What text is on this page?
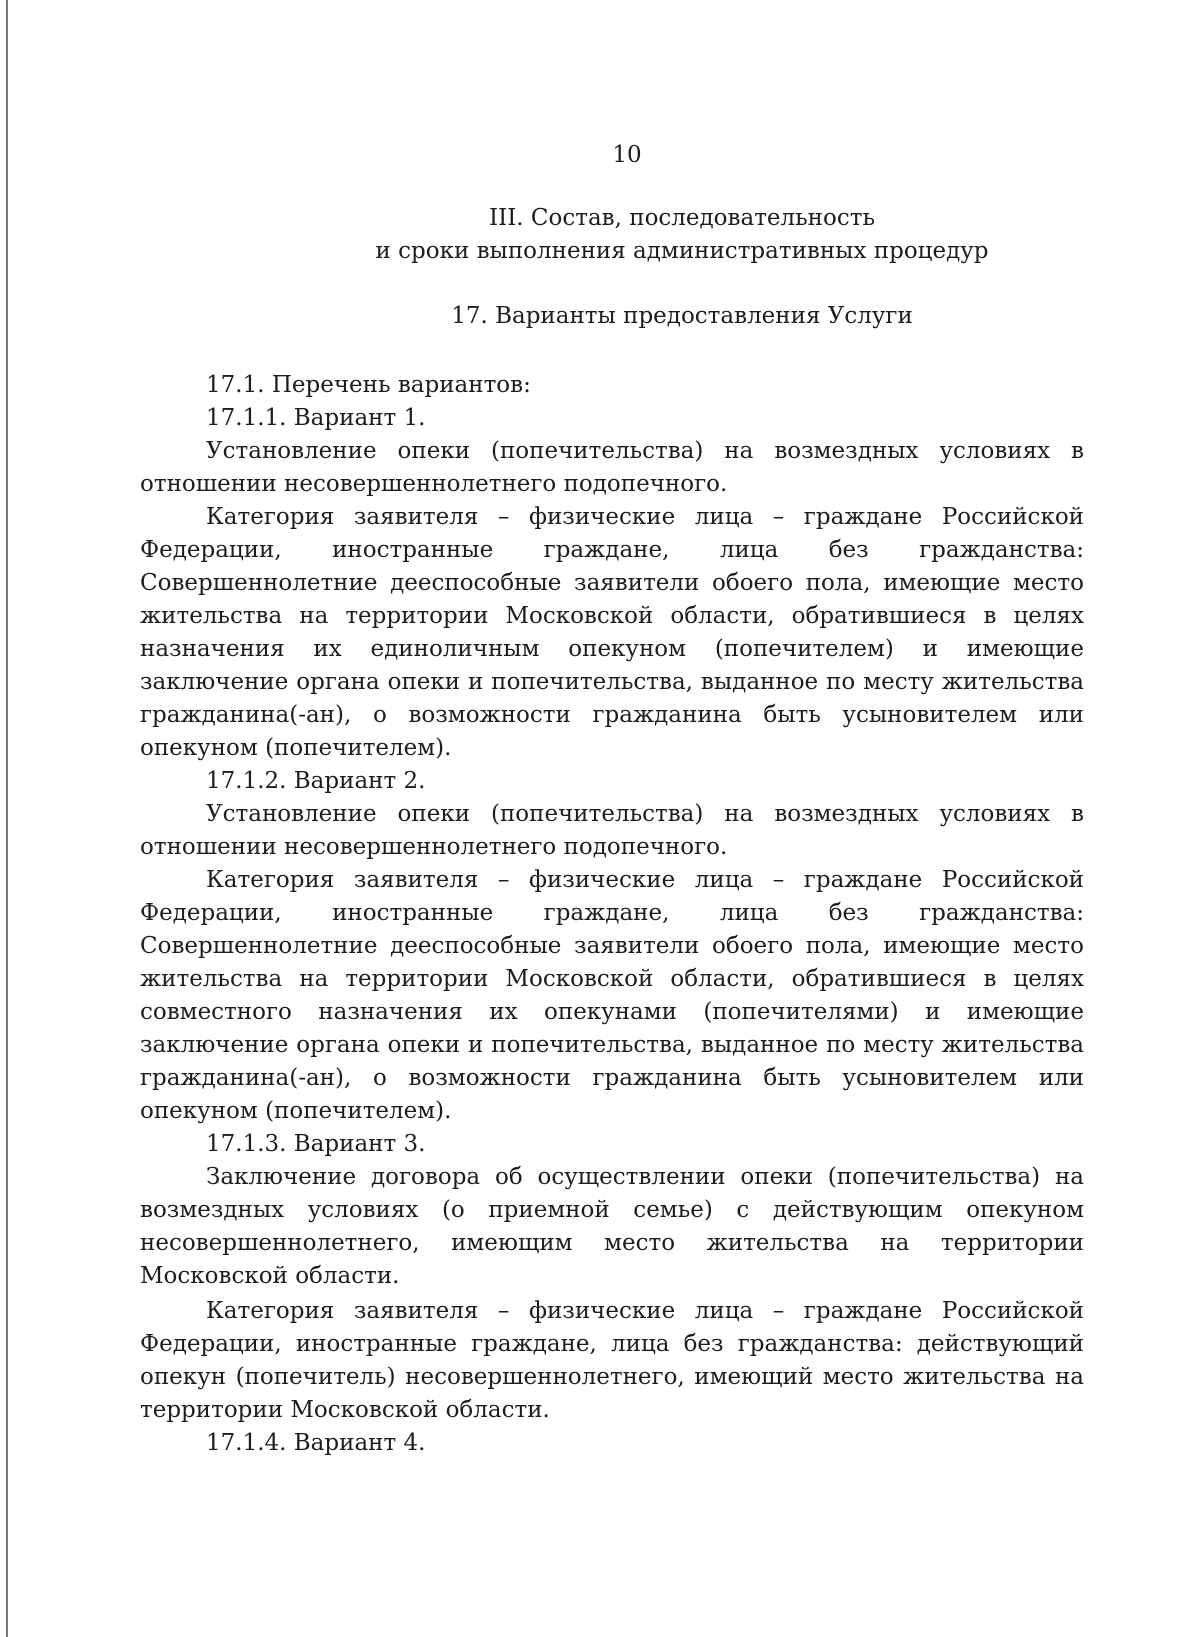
10

III. Состав, последовательность
и сроки выполнения административных процедур
17. Варианты предоставления Услуги

17.1. Перечень вариантов:

17.1.1. Вариант 1.

Установление опеки (попечительства) на возмездных условиях в отношении несовершеннолетнего подопечного.

Категория заявителя – физические лица – граждане Российской Федерации, иностранные граждане, лица без гражданства: Совершеннолетние дееспособные заявители обоего пола, имеющие место жительства на территории Московской области, обратившиеся в целях назначения их единоличным опекуном (попечителем) и имеющие заключение органа опеки и попечительства, выданное по месту жительства гражданина(-ан), о возможности гражданина быть усыновителем или опекуном (попечителем).

17.1.2. Вариант 2.

Установление опеки (попечительства) на возмездных условиях в отношении несовершеннолетнего подопечного.

Категория заявителя – физические лица – граждане Российской Федерации, иностранные граждане, лица без гражданства: Совершеннолетние дееспособные заявители обоего пола, имеющие место жительства на территории Московской области, обратившиеся в целях совместного назначения их опекунами (попечителями) и имеющие заключение органа опеки и попечительства, выданное по месту жительства гражданина(-ан), о возможности гражданина быть усыновителем или опекуном (попечителем).

17.1.3. Вариант 3.

Заключение договора об осуществлении опеки (попечительства) на возмездных условиях (о приемной семье) с действующим опекуном несовершеннолетнего, имеющим место жительства на территории Московской области.

Категория заявителя – физические лица – граждане Российской Федерации, иностранные граждане, лица без гражданства: действующий опекун (попечитель) несовершеннолетнего, имеющий место жительства на территории Московской области.

17.1.4. Вариант 4.
